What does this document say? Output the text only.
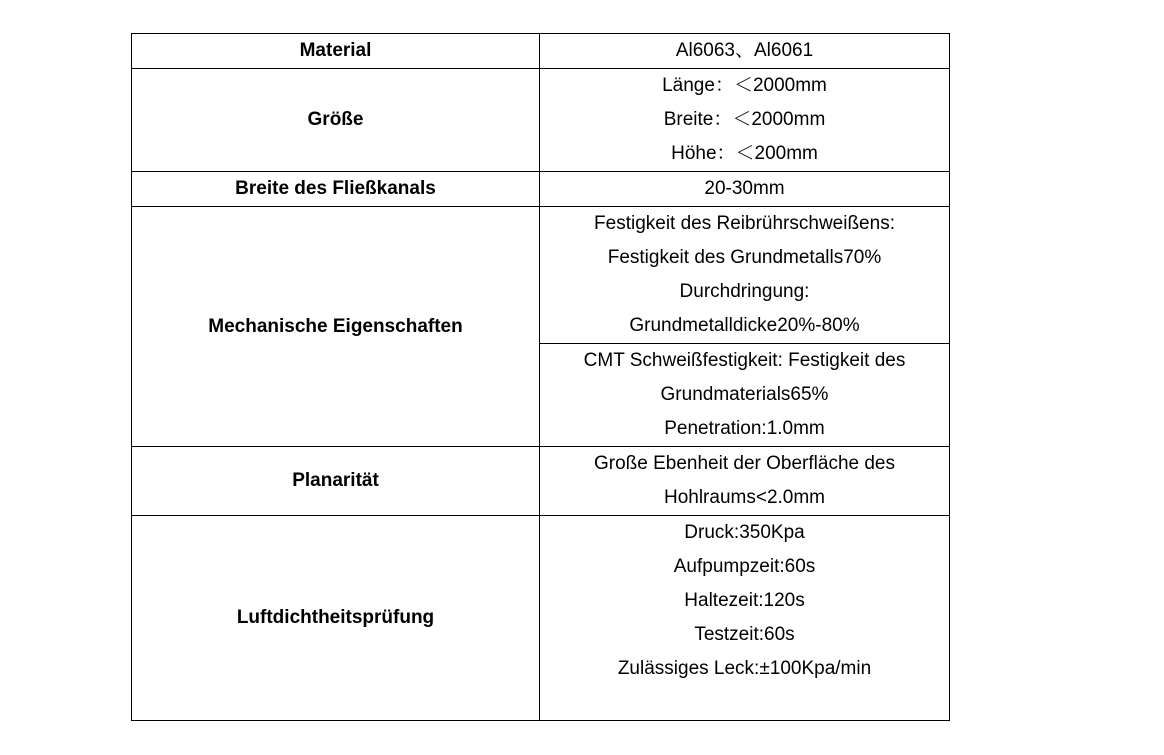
Material	Al6063、Al6061
Größe	Länge：＜2000mm
Breite：＜2000mm
Höhe：＜200mm

Breite des Fließkanals	20-30mm
Mechanische Eigenschaften	Festigkeit des Reibrührschweißens:
Festigkeit des Grundmetalls70%
Durchdringung:
Grundmetalldicke20%-80%

	CMT Schweißfestigkeit: Festigkeit des
Grundmaterials65%
Penetration:1.0mm

Planarität	Große Ebenheit der Oberfläche des
Hohlraums<2.0mm

Luftdichtheitsprüfung	Druck:350Kpa
Aufpumpzeit:60s
Haltezeit:120s
Testzeit:60s
Zulässiges Leck:±100Kpa/min
